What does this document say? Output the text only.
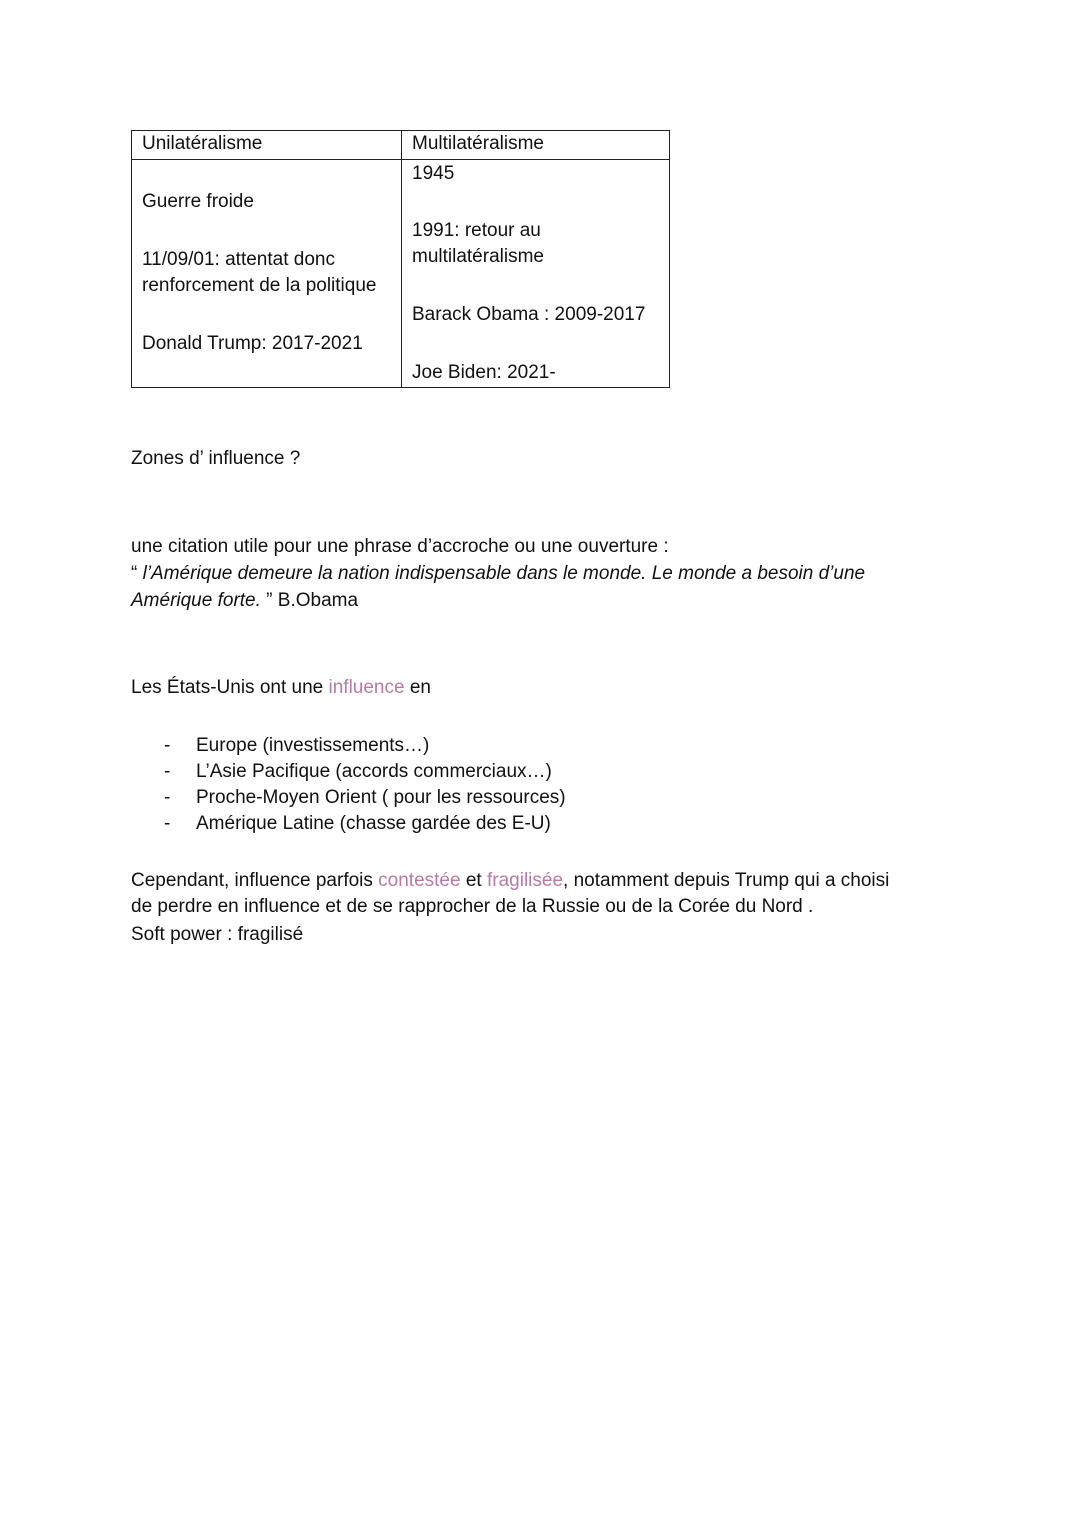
Unilatéralisme	Multilatéralisme
Guerre froide
11/09/01: attentat donc
renforcement de la politique
Donald Trump: 2017-2021
1945
1991: retour au
multilatéralisme
Barack Obama : 2009-2017
Joe Biden: 2021-
Zones d’ influence ?
une citation utile pour une phrase d’accroche ou une ouverture :
“ l’Amérique demeure la nation indispensable dans le monde. Le monde a besoin d’une
Amérique forte. ” B.Obama
Les États-Unis ont une influence en
- Europe (investissements…)
- L’Asie Pacifique (accords commerciaux…)
- Proche-Moyen Orient ( pour les ressources)
- Amérique Latine (chasse gardée des E-U)
Cependant, influence parfois contestée et fragilisée, notamment depuis Trump qui a choisi
de perdre en influence et de se rapprocher de la Russie ou de la Corée du Nord .
Soft power : fragilisé
